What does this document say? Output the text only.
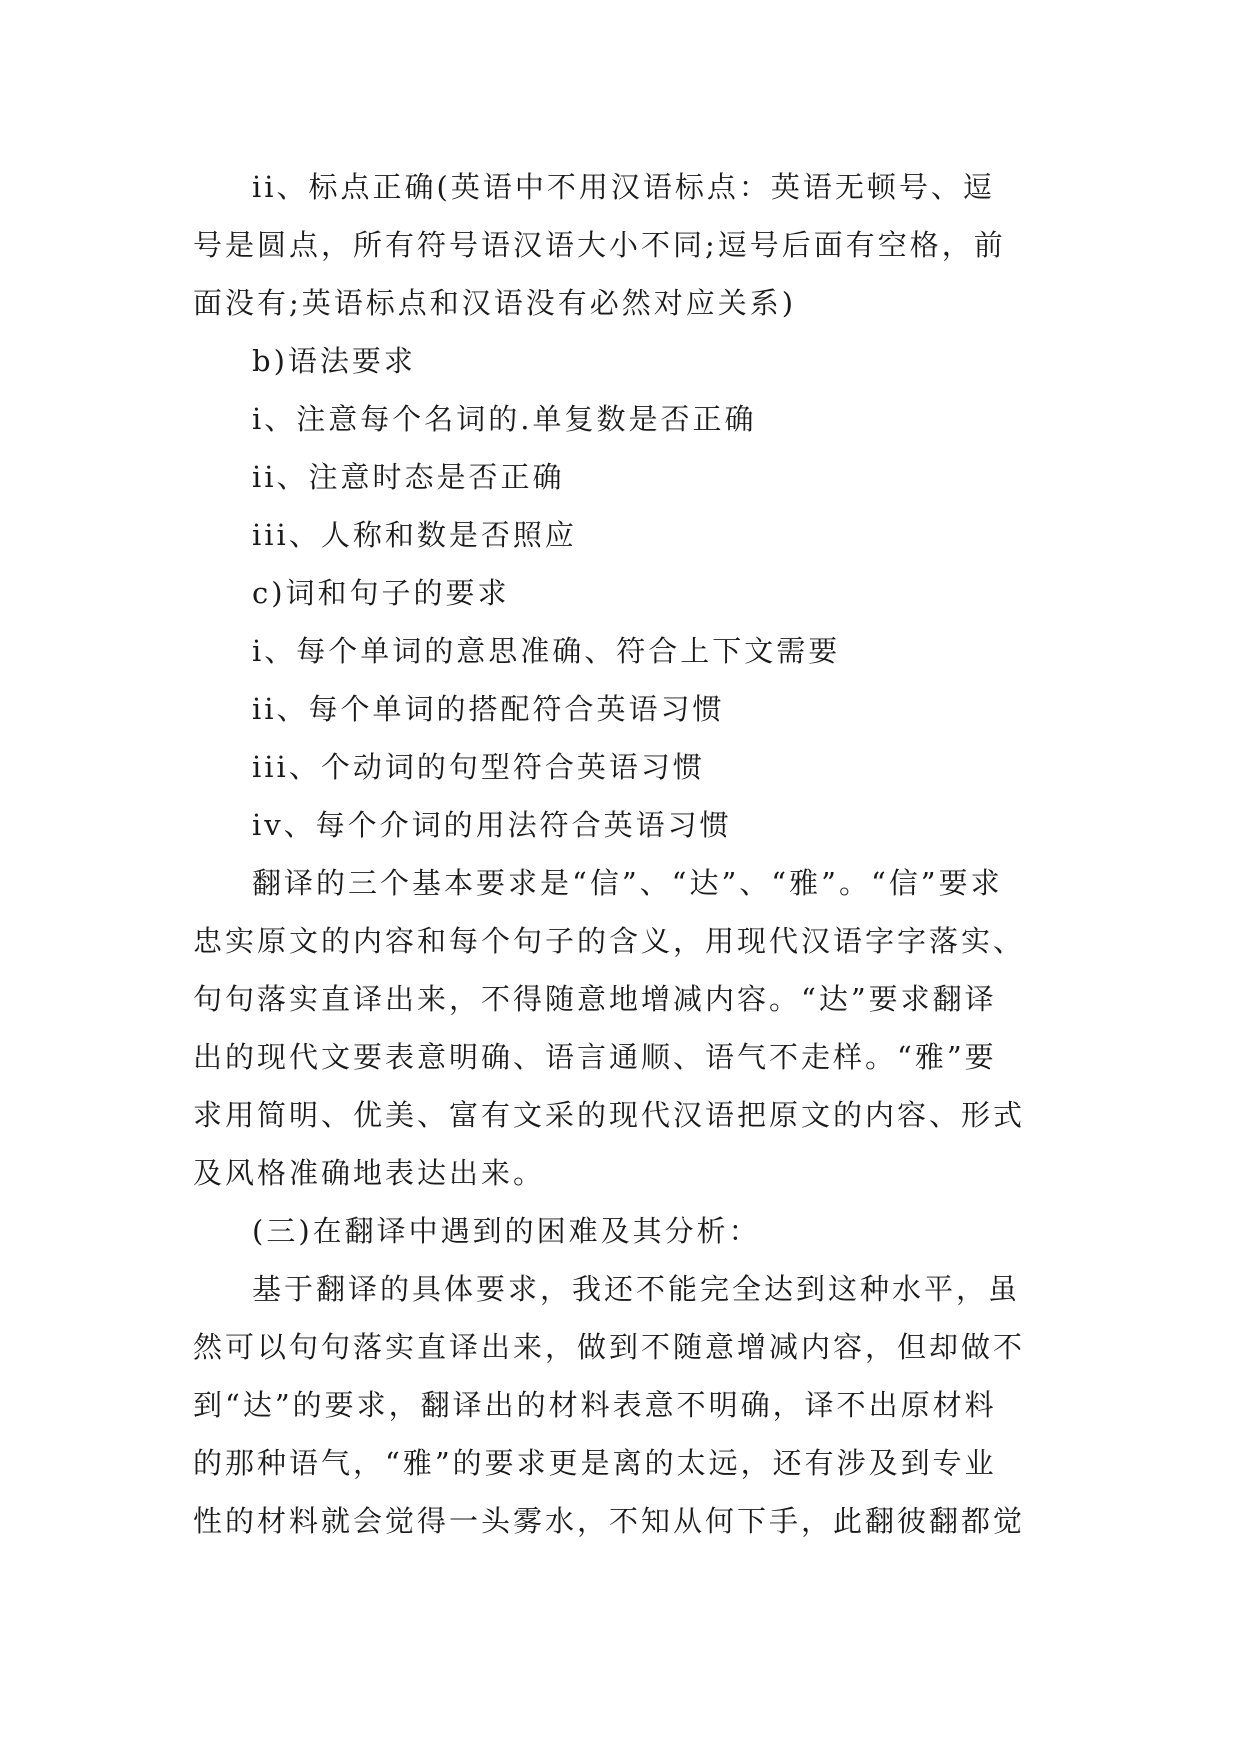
ii、标点正确(英语中不用汉语标点：英语无顿号、逗
号是圆点，所有符号语汉语大小不同;逗号后面有空格，前
面没有;英语标点和汉语没有必然对应关系)
b)语法要求
i、注意每个名词的.单复数是否正确
ii、注意时态是否正确
iii、人称和数是否照应
c)词和句子的要求
i、每个单词的意思准确、符合上下文需要
ii、每个单词的搭配符合英语习惯
iii、个动词的句型符合英语习惯
iv、每个介词的用法符合英语习惯
翻译的三个基本要求是“信”、“达”、“雅”。“信”要求
忠实原文的内容和每个句子的含义，用现代汉语字字落实、
句句落实直译出来，不得随意地增减内容。“达”要求翻译
出的现代文要表意明确、语言通顺、语气不走样。“雅”要
求用简明、优美、富有文采的现代汉语把原文的内容、形式
及风格准确地表达出来。
(三)在翻译中遇到的困难及其分析：
基于翻译的具体要求，我还不能完全达到这种水平，虽
然可以句句落实直译出来，做到不随意增减内容，但却做不
到“达”的要求，翻译出的材料表意不明确，译不出原材料
的那种语气，“雅”的要求更是离的太远，还有涉及到专业
性的材料就会觉得一头雾水，不知从何下手，此翻彼翻都觉
